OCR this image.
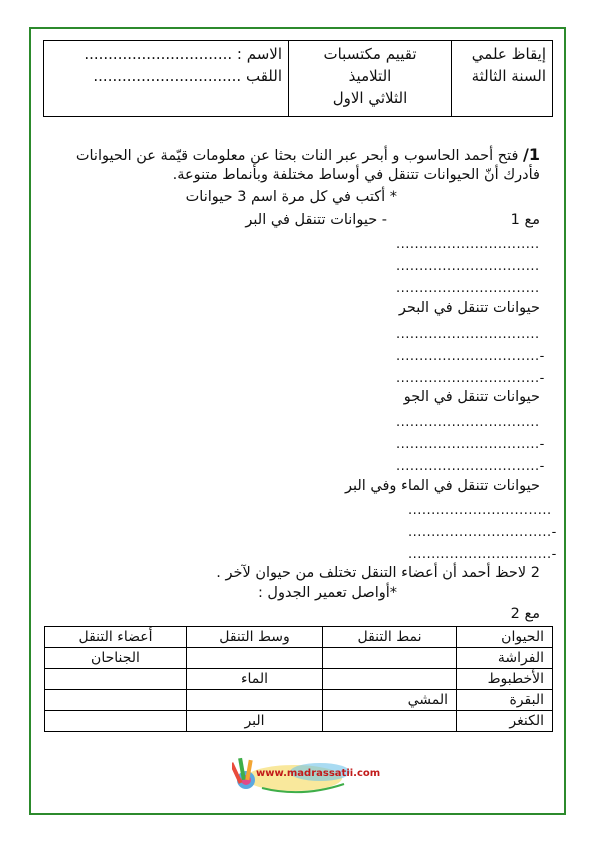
إيقاظ علمي
السنة الثالثة

تقييم مكتسبات
التلاميذ
الثلاثي الاول

الاسم : ...............................
اللقب ...............................
1/ فتح أحمد الحاسوب و أبحر عبر النات بحثا عن معلومات قيّمة عن الحيوانات
فأدرك أنّ الحيوانات تتنقل في أوساط مختلفة وبأنماط متنوعة.
* أكتب في كل مرة اسم 3 حيوانات
مع 1
- حيوانات تتنقل في البر
...............................
...............................
...............................
حيوانات تتنقل في البحر
...............................
...............................-
...............................-
حيوانات تتنقل في الجو
...............................
...............................-
...............................-
حيوانات تتنقل في الماء وفي البر
...............................
...............................-
...............................-
2 لاحظ أحمد أن أعضاء التنقل تختلف من حيوان لآخر .
*أواصل تعمير الجدول :
مع 2
الحيوان	نمط التنقل	وسط التنقل	أعضاء التنقل
الفراشة			الجناحان
الأخطبوط		الماء	
البقرة	المشي		
الكنغر		البر	
www.madrassatii.com
